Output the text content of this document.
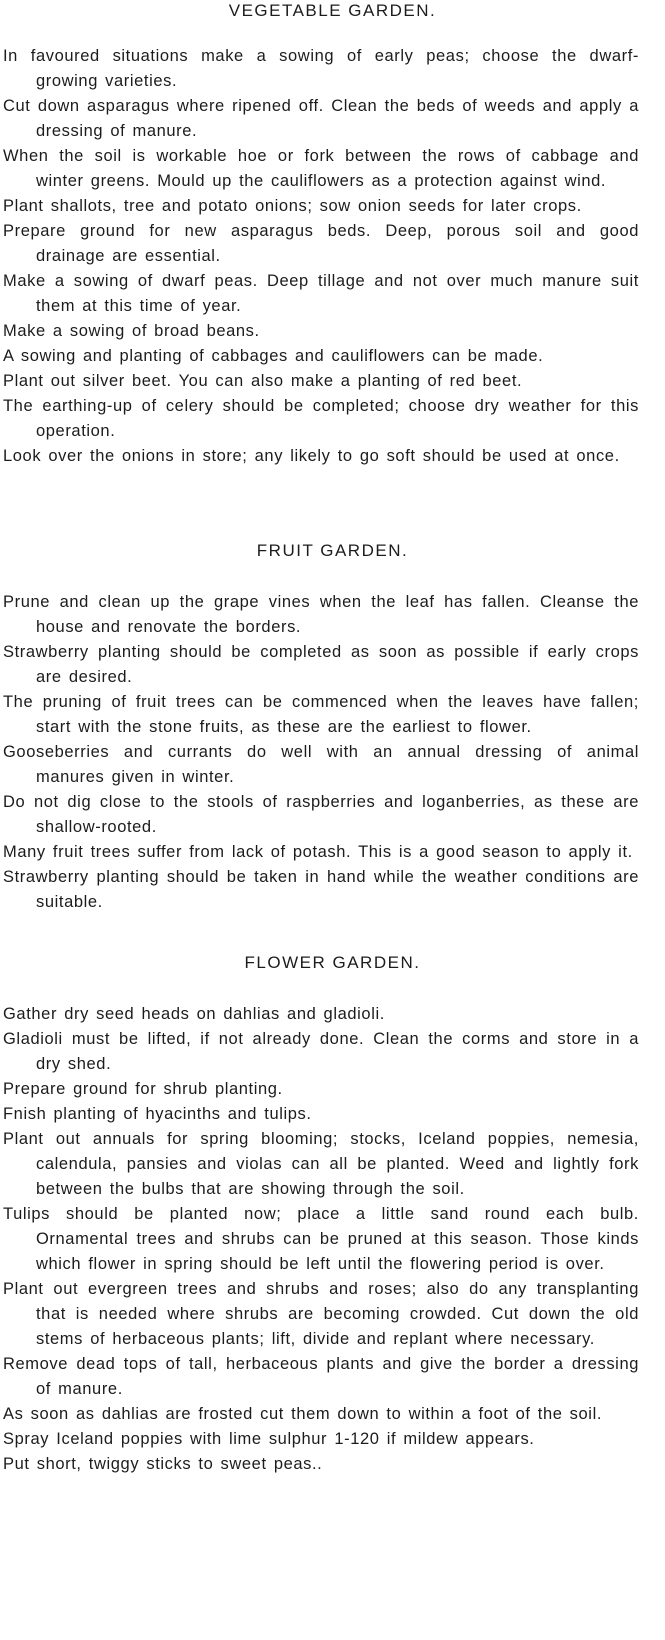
VEGETABLE GARDEN.
In favoured situations make a sowing of early peas; choose the dwarf-growing varieties.
Cut down asparagus where ripened off. Clean the beds of weeds and apply a dressing of manure.
When the soil is workable hoe or fork between the rows of cabbage and winter greens. Mould up the cauliflowers as a protection against wind.
Plant shallots, tree and potato onions; sow onion seeds for later crops.
Prepare ground for new asparagus beds. Deep, porous soil and good drainage are essential.
Make a sowing of dwarf peas. Deep tillage and not over much manure suit them at this time of year.
Make a sowing of broad beans.
A sowing and planting of cabbages and cauliflowers can be made.
Plant out silver beet. You can also make a planting of red beet.
The earthing-up of celery should be completed; choose dry weather for this operation.
Look over the onions in store; any likely to go soft should be used at once.
FRUIT GARDEN.
Prune and clean up the grape vines when the leaf has fallen. Cleanse the house and renovate the borders.
Strawberry planting should be completed as soon as possible if early crops are desired.
The pruning of fruit trees can be commenced when the leaves have fallen; start with the stone fruits, as these are the earliest to flower.
Gooseberries and currants do well with an annual dressing of animal manures given in winter.
Do not dig close to the stools of raspberries and loganberries, as these are shallow-rooted.
Many fruit trees suffer from lack of potash. This is a good season to apply it.
Strawberry planting should be taken in hand while the weather conditions are suitable.
FLOWER GARDEN.
Gather dry seed heads on dahlias and gladioli.
Gladioli must be lifted, if not already done. Clean the corms and store in a dry shed.
Prepare ground for shrub planting.
Fnish planting of hyacinths and tulips.
Plant out annuals for spring blooming; stocks, Iceland poppies, nemesia, calendula, pansies and violas can all be planted. Weed and lightly fork between the bulbs that are showing through the soil.
Tulips should be planted now; place a little sand round each bulb. Ornamental trees and shrubs can be pruned at this season. Those kinds which flower in spring should be left until the flowering period is over.
Plant out evergreen trees and shrubs and roses; also do any transplanting that is needed where shrubs are becoming crowded. Cut down the old stems of herbaceous plants; lift, divide and replant where necessary.
Remove dead tops of tall, herbaceous plants and give the border a dressing of manure.
As soon as dahlias are frosted cut them down to within a foot of the soil.
Spray Iceland poppies with lime sulphur 1-120 if mildew appears.
Put short, twiggy sticks to sweet peas..
